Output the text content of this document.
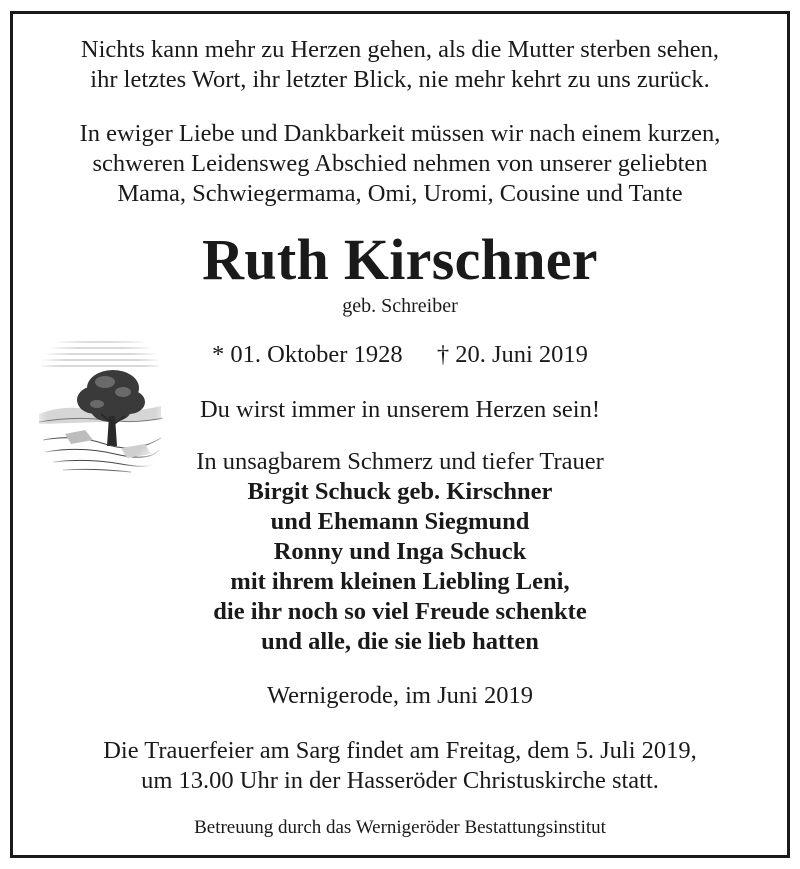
Nichts kann mehr zu Herzen gehen, als die Mutter sterben sehen,
ihr letztes Wort, ihr letzter Blick, nie mehr kehrt zu uns zurück.
In ewiger Liebe und Dankbarkeit müssen wir nach einem kurzen,
schweren Leidensweg Abschied nehmen von unserer geliebten
Mama, Schwiegermama, Omi, Uromi, Cousine und Tante
Ruth Kirschner
geb. Schreiber
* 01. Oktober 1928 † 20. Juni 2019
Du wirst immer in unserem Herzen sein!
In unsagbarem Schmerz und tiefer Trauer
Birgit Schuck geb. Kirschner
und Ehemann Siegmund
Ronny und Inga Schuck
mit ihrem kleinen Liebling Leni,
die ihr noch so viel Freude schenkte
und alle, die sie lieb hatten
Wernigerode, im Juni 2019
Die Trauerfeier am Sarg findet am Freitag, dem 5. Juli 2019,
um 13.00 Uhr in der Hasseröder Christuskirche statt.
Betreuung durch das Wernigeröder Bestattungsinstitut
